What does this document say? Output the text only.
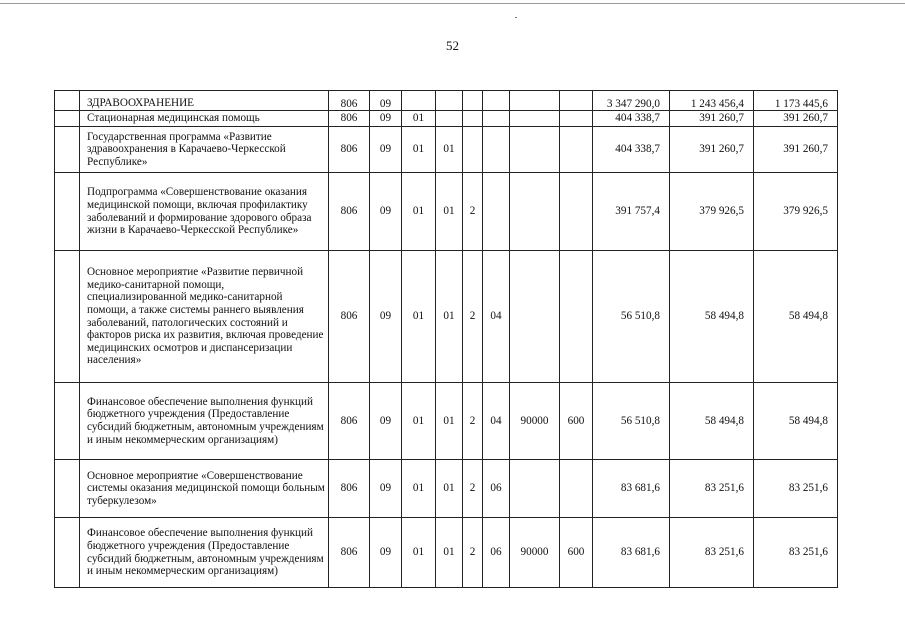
52
	ЗДРАВООХРАНЕНИЕ	806	09							3 347 290,0	1 243 456,4	1 173 445,6
	Стационарная медицинская помощь	806	09	01						404 338,7	391 260,7	391 260,7
	Государственная программа «Развитие здравоохранения в Карачаево-Черкесской Республике»	806	09	01	01					404 338,7	391 260,7	391 260,7
	Подпрограмма «Совершенствование оказания медицинской помощи, включая профилактику заболеваний и формирование здорового образа жизни в Карачаево-Черкесской Республике»	806	09	01	01	2				391 757,4	379 926,5	379 926,5
	Основное мероприятие «Развитие первичной медико-санитарной помощи, специализированной медико-санитарной помощи, а также системы раннего выявления заболеваний, патологических состояний и факторов риска их развития, включая проведение медицинских осмотров и диспансеризации населения»	806	09	01	01	2	04			56 510,8	58 494,8	58 494,8
	Финансовое обеспечение выполнения функций бюджетного учреждения (Предоставление субсидий бюджетным, автономным учреждениям и иным некоммерческим организациям)	806	09	01	01	2	04	90000	600	56 510,8	58 494,8	58 494,8
	Основное мероприятие «Совершенствование системы оказания медицинской помощи больным туберкулезом»	806	09	01	01	2	06			83 681,6	83 251,6	83 251,6
	Финансовое обеспечение выполнения функций бюджетного учреждения (Предоставление субсидий бюджетным, автономным учреждениям и иным некоммерческим организациям)	806	09	01	01	2	06	90000	600	83 681,6	83 251,6	83 251,6
